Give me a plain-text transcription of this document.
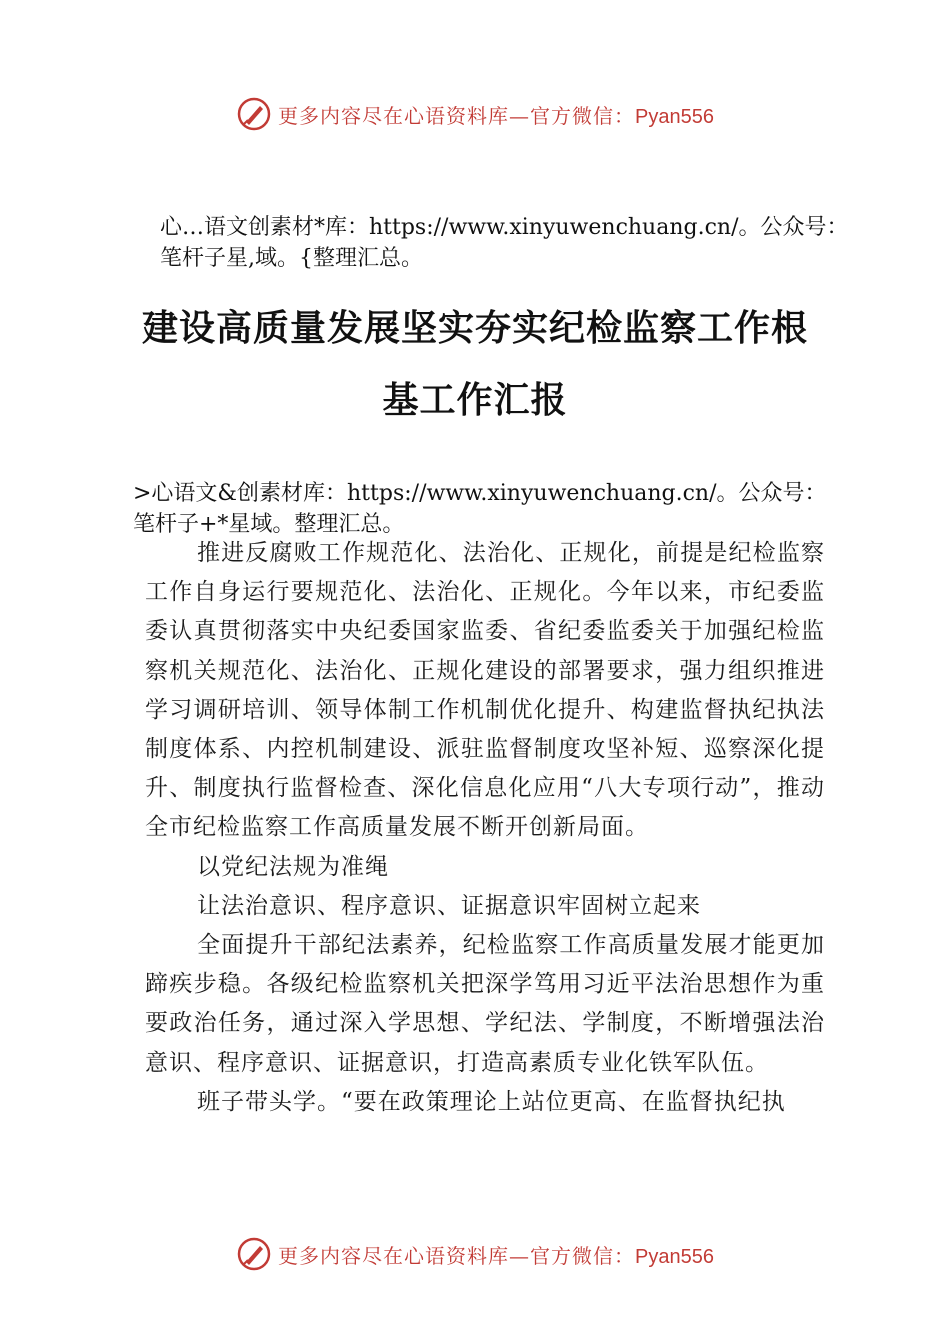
更多内容尽在心语资料库—官方微信：Pyan556
心…语文创素材*库：https://www.xinyuwenchuang.cn/。公众号：笔杆子星,域。{整理汇总。
建设高质量发展坚实夯实纪检监察工作根
基工作汇报
>心语文&创素材库：https://www.xinyuwenchuang.cn/。公众号：笔杆子+*星域。整理汇总。

推进反腐败工作规范化、法治化、正规化，前提是纪检监察工作自身运行要规范化、法治化、正规化。今年以来，市纪委监委认真贯彻落实中央纪委国家监委、省纪委监委关于加强纪检监察机关规范化、法治化、正规化建设的部署要求，强力组织推进学习调研培训、领导体制工作机制优化提升、构建监督执纪执法制度体系、内控机制建设、派驻监督制度攻坚补短、巡察深化提升、制度执行监督检查、深化信息化应用“八大专项行动”，推动全市纪检监察工作高质量发展不断开创新局面。

以党纪法规为准绳

让法治意识、程序意识、证据意识牢固树立起来

全面提升干部纪法素养，纪检监察工作高质量发展才能更加蹄疾步稳。各级纪检监察机关把深学笃用习近平法治思想作为重要政治任务，通过深入学思想、学纪法、学制度，不断增强法治意识、程序意识、证据意识，打造高素质专业化铁军队伍。

班子带头学。“要在政策理论上站位更高、在监督执纪执

更多内容尽在心语资料库—官方微信：Pyan556
